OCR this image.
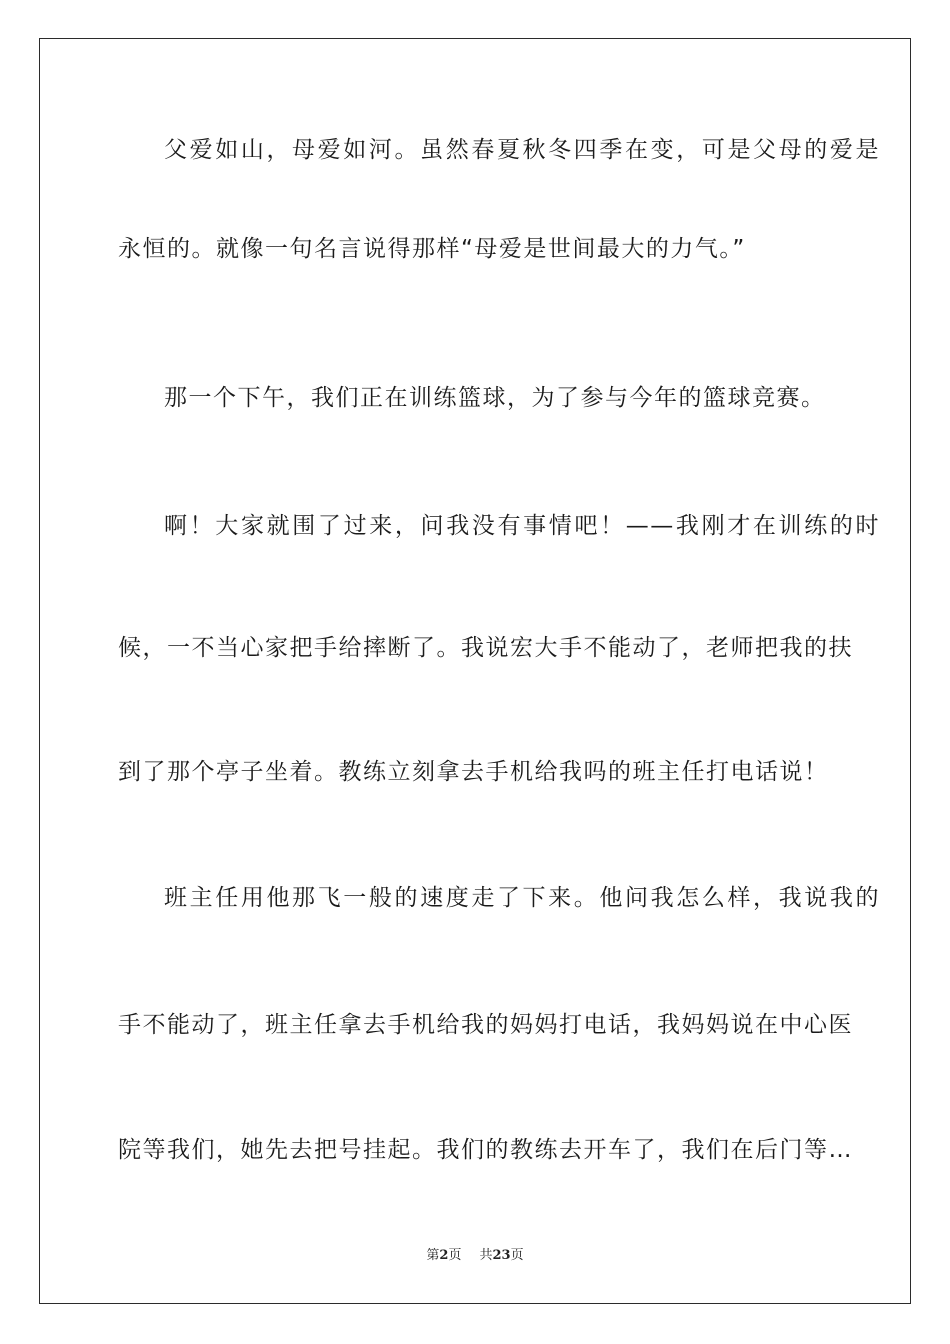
父爱如山，母爱如河。虽然春夏秋冬四季在变，可是父母的爱是
永恒的。就像一句名言说得那样“母爱是世间最大的力气。”
那一个下午，我们正在训练篮球，为了参与今年的篮球竞赛。
啊！大家就围了过来，问我没有事情吧！——我刚才在训练的时
候，一不当心家把手给摔断了。我说宏大手不能动了，老师把我的扶
到了那个亭子坐着。教练立刻拿去手机给我吗的班主任打电话说！
班主任用他那飞一般的速度走了下来。他问我怎么样，我说我的
手不能动了，班主任拿去手机给我的妈妈打电话，我妈妈说在中心医
院等我们，她先去把号挂起。我们的教练去开车了，我们在后门等…
第2页 共23页
